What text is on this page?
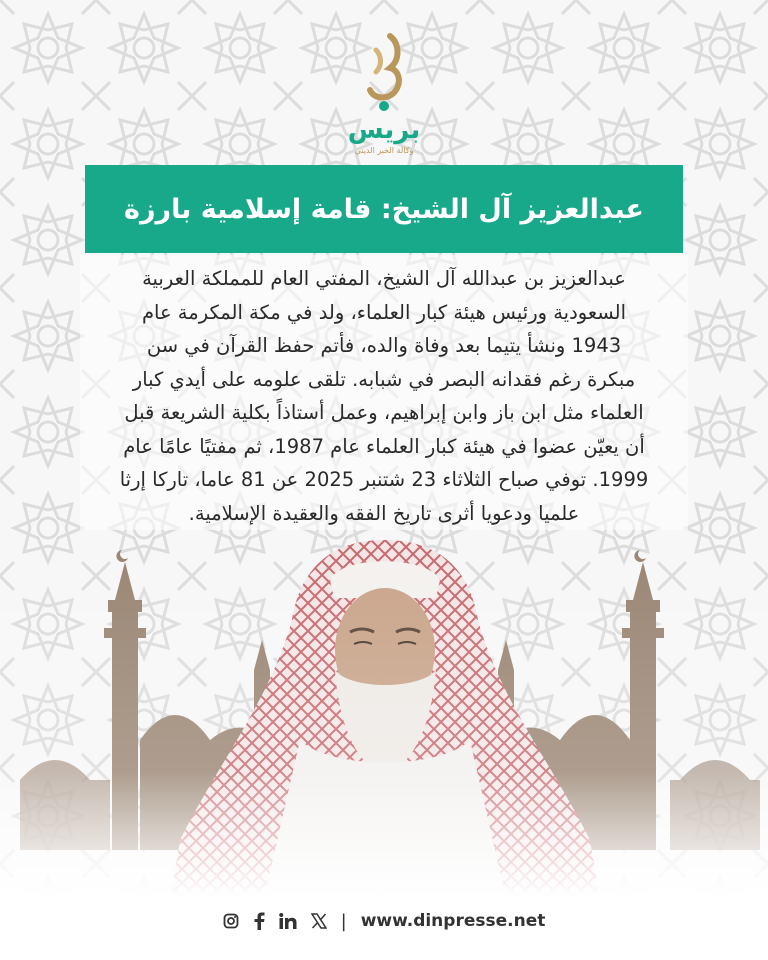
بريس
وكالة الخبر الديني
عبدالعزيز آل الشيخ: قامة إسلامية بارزة
عبدالعزيز بن عبدالله آل الشيخ، المفتي العام للمملكة العربية
السعودية ورئيس هيئة كبار العلماء، ولد في مكة المكرمة عام
1943 ونشأ يتيما بعد وفاة والده، فأتم حفظ القرآن في سن
مبكرة رغم فقدانه البصر في شبابه. تلقى علومه على أيدي كبار
العلماء مثل ابن باز وابن إبراهيم، وعمل أستاذاً بكلية الشريعة قبل
أن يعيّن عضوا في هيئة كبار العلماء عام 1987، ثم مفتيًا عامًا عام
1999. توفي صباح الثلاثاء 23 شتنبر 2025 عن 81 عاما، تاركا إرثا
علميا ودعويا أثرى تاريخ الفقه والعقيدة الإسلامية.
| www.dinpresse.net
